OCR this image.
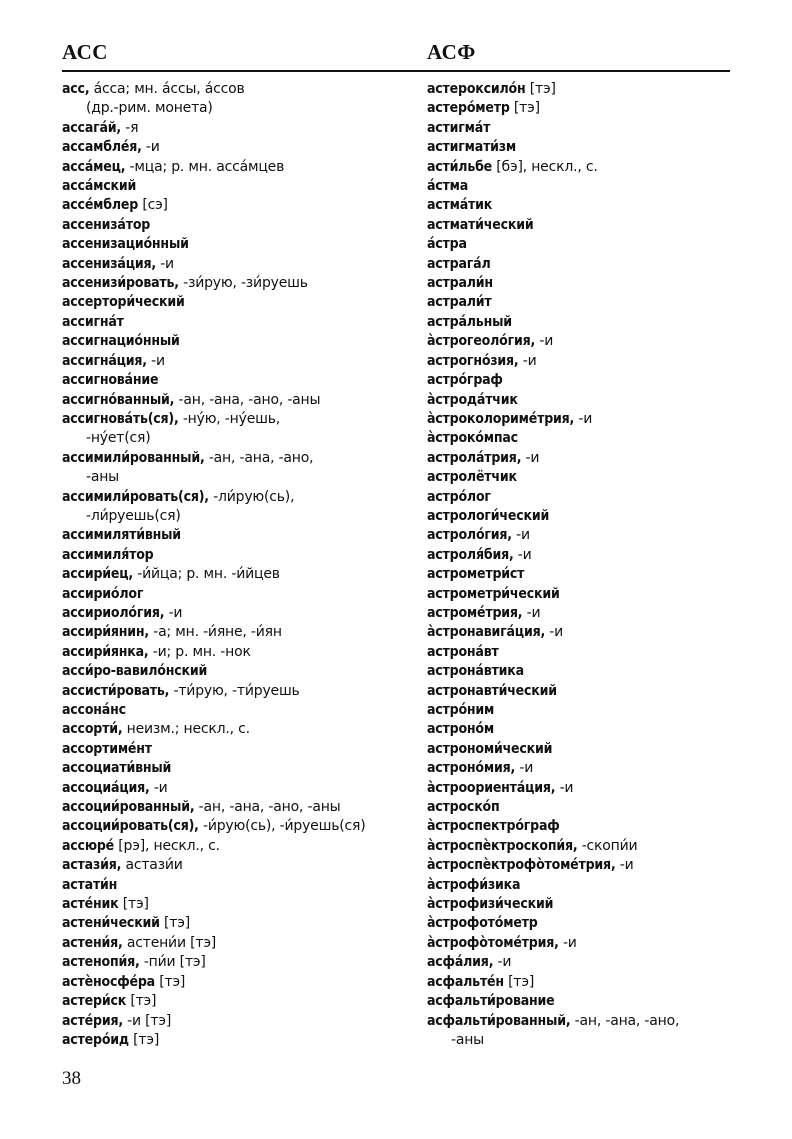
АСС	АСФ
асс, а́сса; мн. а́ссы, а́ссов
(др.-рим. монета)
ассага́й, -я
ассамбле́я, -и
асса́мец, -мца; р. мн. асса́мцев
асса́мский
ассе́мблер [сэ]
ассениза́тор
ассенизацио́нный
ассениза́ция, -и
ассенизи́ровать, -зи́рую, -зи́руешь
ассертори́ческий
ассигна́т
ассигнацио́нный
ассигна́ция, -и
ассигнова́ние
ассигно́ванный, -ан, -ана, -ано, -аны
ассигнова́ть(ся), -ну́ю, -ну́ешь,
-ну́ет(ся)
ассимили́рованный, -ан, -ана, -ано,
-аны
ассимили́ровать(ся), -ли́рую(сь),
-ли́руешь(ся)
ассимиляти́вный
ассимиля́тор
ассири́ец, -и́йца; р. мн. -и́йцев
ассирио́лог
ассириоло́гия, -и
ассири́янин, -а; мн. -и́яне, -и́ян
ассири́янка, -и; р. мн. -нок
асси́ро-вавило́нский
ассисти́ровать, -ти́рую, -ти́руешь
ассона́нс
ассорти́, неизм.; нескл., с.
ассортиме́нт
ассоциати́вный
ассоциа́ция, -и
ассоции́рованный, -ан, -ана, -ано, -аны
ассоции́ровать(ся), -и́рую(сь), -и́руешь(ся)
ассюре́ [рэ], нескл., с.
астази́я, астази́и
астати́н
асте́ник [тэ]
астени́ческий [тэ]
астени́я, астени́и [тэ]
астенопи́я, -пи́и [тэ]
астѐносфе́ра [тэ]
астери́ск [тэ]
асте́рия, -и [тэ]
астеро́ид [тэ]
астероксило́н [тэ]
астеро́метр [тэ]
астигма́т
астигмати́зм
асти́льбе [бэ], нескл., с.
а́стма
астма́тик
астмати́ческий
а́стра
астрага́л
астрали́н
астрали́т
астра́льный
а̀строгеоло́гия, -и
астрогно́зия, -и
астро́граф
а̀строда́тчик
а̀строколориме́трия, -и
а̀строко́мпас
астрола́трия, -и
астролётчик
астро́лог
астрологи́ческий
астроло́гия, -и
астроля́бия, -и
астрометри́ст
астрометри́ческий
астроме́трия, -и
а̀стронавига́ция, -и
астрона́вт
астрона́втика
астронавти́ческий
астро́ним
астроно́м
астрономи́ческий
астроно́мия, -и
а̀строориента́ция, -и
астроско́п
а̀строспектро́граф
а̀строспѐктроскопи́я, -скопи́и
а̀строспѐктрофо̀томе́трия, -и
а̀строфи́зика
а̀строфизи́ческий
а̀строфото́метр
а̀строфо̀томе́трия, -и
асфа́лия, -и
асфальте́н [тэ]
асфальти́рование
асфальти́рованный, -ан, -ана, -ано,
-аны
38
